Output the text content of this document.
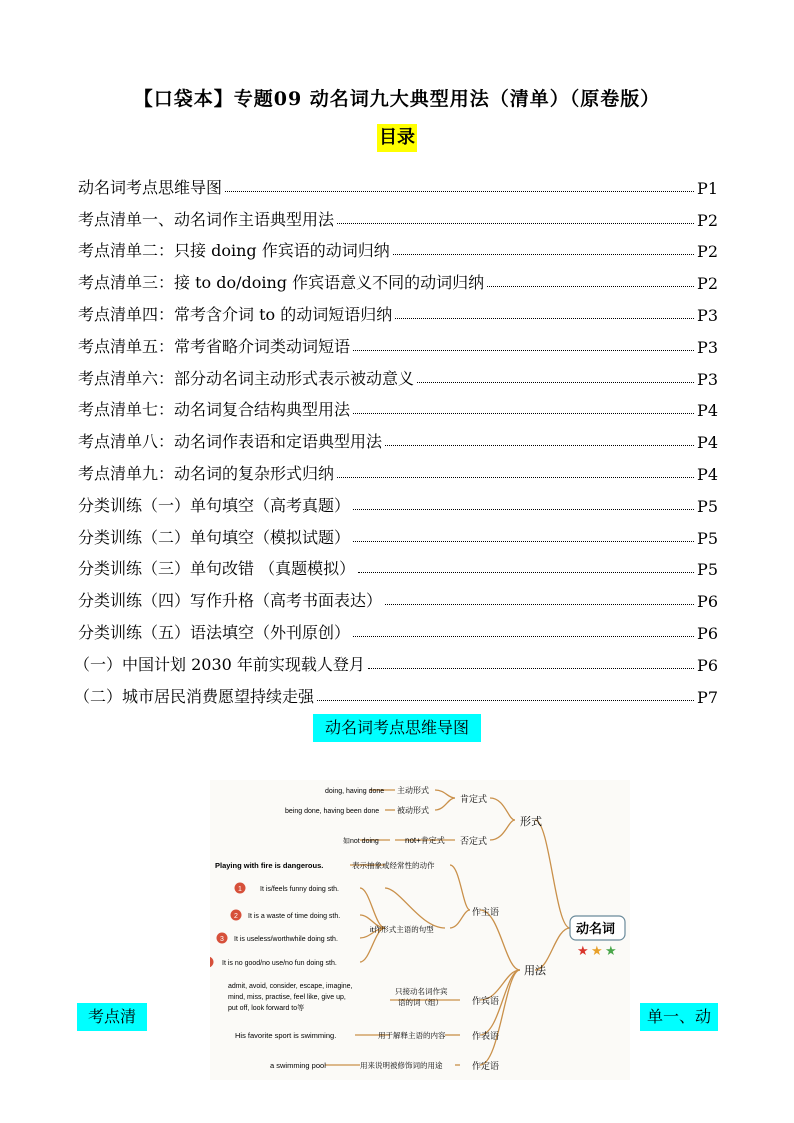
【口袋本】专题09 动名词九大典型用法（清单）（原卷版）
目录
动名词考点思维导图	P1
考点清单一、动名词作主语典型用法	P2
考点清单二：只接 doing 作宾语的动词归纳	P2
考点清单三：接 to do/doing 作宾语意义不同的动词归纳	P2
考点清单四：常考含介词 to 的动词短语归纳	P3
考点清单五：常考省略介词类动词短语	P3
考点清单六：部分动名词主动形式表示被动意义	P3
考点清单七：动名词复合结构典型用法	P4
考点清单八：动名词作表语和定语典型用法	P4
考点清单九：动名词的复杂形式归纳	P4
分类训练（一）单句填空（高考真题）	P5
分类训练（二）单句填空（模拟试题）	P5
分类训练（三）单句改错 （真题模拟）	P5
分类训练（四）写作升格（高考书面表达）	P6
分类训练（五）语法填空（外刊原创）	P6
（一）中国计划 2030 年前实现载人登月	P6
（二）城市居民消费愿望持续走强	P7
动名词考点思维导图
doing, having done 主动形式
being done, having been done 被动形式
肯定式
如not doing	not+肯定式 否定式
形式
动名词
★ ★ ★
用法
Playing with fire is dangerous.	表示抽象或经常性的动作
it作形式主语的句型
作主语
1	It is/feels funny doing sth.
2 It is a waste of time doing sth.
3 It is useless/worthwhile doing sth.
It is no good/no use/no fun doing sth.
admit, avoid, consider, escape, imagine,
mind, miss, practise, feel like, give up,
put off, look forward to等
只接动名词作宾
语的词（组）	作宾语
His favorite sport is swimming.	用于解释主语的内容	作表语
a swimming pool	用来说明被修饰词的用途	作定语
考点清	单一、动
